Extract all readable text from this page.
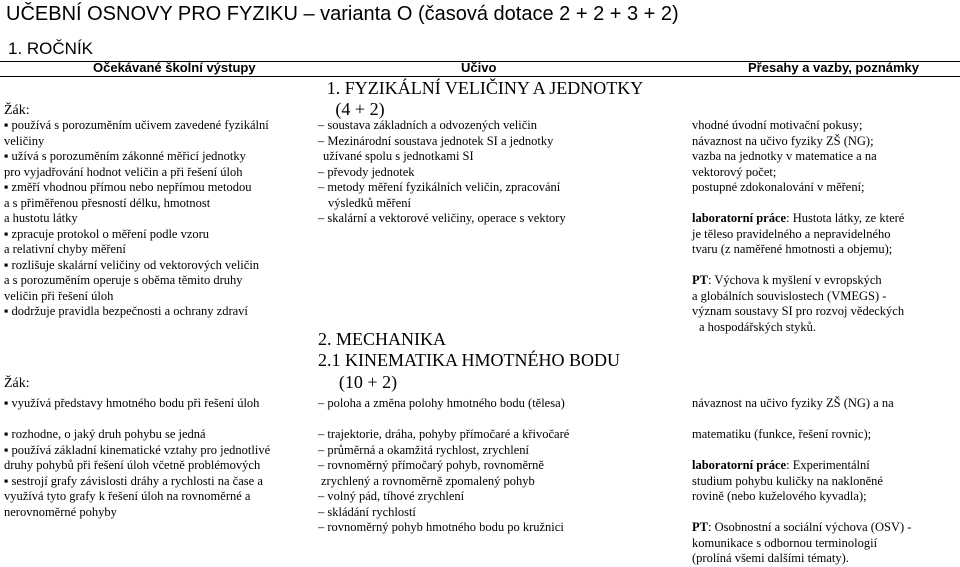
UČEBNÍ OSNOVY PRO FYZIKU – varianta O (časová dotace 2 + 2 + 3 + 2)
1. ROČNÍK
Očekávané školní výstupy	Učivo	Přesahy a vazby, poznámky
1. FYZIKÁLNÍ VELIČINY A JEDNOTKY
(4 + 2)
Žák:
▪ používá s porozuměním učivem zavedené fyzikální
veličiny
▪ užívá s porozuměním zákonné měřicí jednotky
pro vyjadřování hodnot veličin a při řešení úloh
▪ změří vhodnou přímou nebo nepřímou metodou
a s přiměřenou přesností délku, hmotnost
a hustotu látky
▪ zpracuje protokol o měření podle vzoru
a relativní chyby měření
▪ rozlišuje skalární veličiny od vektorových veličin
a s porozuměním operuje s oběma těmito druhy
veličin při řešení úloh
▪ dodržuje pravidla bezpečnosti a ochrany zdraví
– soustava základních a odvozených veličin
– Mezinárodní soustava jednotek SI a jednotky
užívané spolu s jednotkami SI
– převody jednotek
– metody měření fyzikálních veličin, zpracování
výsledků měření
– skalární a vektorové veličiny, operace s vektory
vhodné úvodní motivační pokusy;
návaznost na učivo fyziky ZŠ (NG);
vazba na jednotky v matematice a na
vektorový počet;
postupné zdokonalování v měření;
laboratorní práce: Hustota látky, ze které
je těleso pravidelného a nepravidelného
tvaru (z naměřené hmotnosti a objemu);
PT: Výchova k myšlení v evropských
a globálních souvislostech (VMEGS) -
význam soustavy SI pro rozvoj vědeckých
a hospodářských styků.
2. MECHANIKA
2.1 KINEMATIKA HMOTNÉHO BODU
(10 + 2)
Žák:
▪ využívá představy hmotného bodu při řešení úloh
▪ rozhodne, o jaký druh pohybu se jedná
▪ používá základní kinematické vztahy pro jednotlivé
druhy pohybů při řešení úloh včetně problémových
▪ sestrojí grafy závislosti dráhy a rychlosti na čase a
využívá tyto grafy k řešení úloh na rovnoměrné a
nerovnoměrné pohyby
– poloha a změna polohy hmotného bodu (tělesa)
– trajektorie, dráha, pohyby přímočaré a křivočaré
– průměrná a okamžitá rychlost, zrychlení
– rovnoměrný přímočarý pohyb, rovnoměrně
zrychlený a rovnoměrně zpomalený pohyb
– volný pád, tíhové zrychlení
– skládání rychlostí
– rovnoměrný pohyb hmotného bodu po kružnici
návaznost na učivo fyziky ZŠ (NG) a na
matematiku (funkce, řešení rovnic);
laboratorní práce: Experimentální
studium pohybu kuličky na nakloněné
rovině (nebo kuželového kyvadla);
PT: Osobnostní a sociální výchova (OSV) -
komunikace s odbornou terminologií
(prolíná všemi dalšími tématy).
